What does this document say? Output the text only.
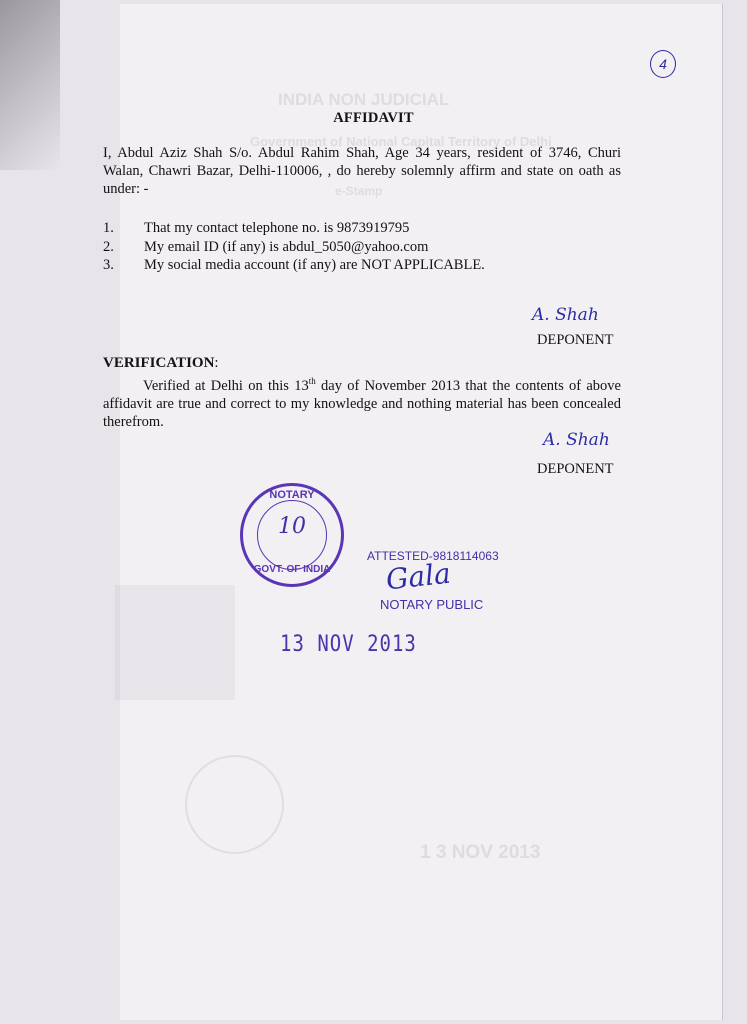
INDIA NON JUDICIAL
Government of National Capital Territory of Delhi
e-Stamp
1 3 NOV 2013
4
AFFIDAVIT
I, Abdul Aziz Shah S/o. Abdul Rahim Shah, Age 34 years, resident of 3746, Churi Walan, Chawri Bazar, Delhi-110006, , do hereby solemnly affirm and state on oath as under: -
1.	That my contact telephone no. is 9873919795
2.	My email ID (if any) is abdul_5050@yahoo.com
3.	My social media account (if any) are NOT APPLICABLE.
A. Shah
DEPONENT
VERIFICATION:
Verified at Delhi on this 13th day of November 2013 that the contents of above affidavit are true and correct to my knowledge and nothing material has been concealed therefrom.
A. Shah
DEPONENT
NOTARY
10
GOVT. OF INDIA
ATTESTED-9818114063
Gala
NOTARY PUBLIC
13 NOV 2013
